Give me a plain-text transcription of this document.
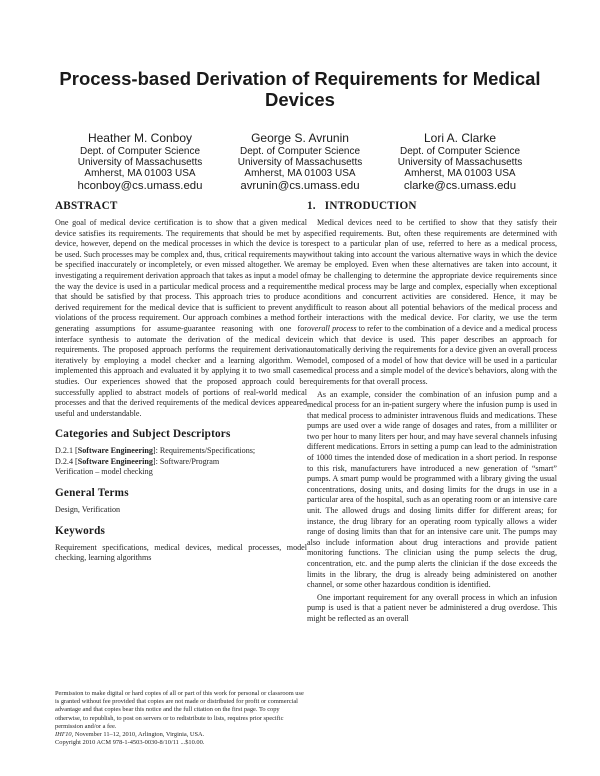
Process-based Derivation of Requirements for Medical Devices
Heather M. Conboy
Dept. of Computer Science
University of Massachusetts
Amherst, MA 01003 USA
hconboy@cs.umass.edu
George S. Avrunin
Dept. of Computer Science
University of Massachusetts
Amherst, MA 01003 USA
avrunin@cs.umass.edu
Lori A. Clarke
Dept. of Computer Science
University of Massachusetts
Amherst, MA 01003 USA
clarke@cs.umass.edu
ABSTRACT

One goal of medical device certification is to show that a given medical device satisfies its requirements. The requirements that should be met by a device, however, depend on the medical processes in which the device is to be used. Such processes may be complex and, thus, critical requirements may be specified inaccurately or incompletely, or even missed altogether. We are investigating a requirement derivation approach that takes as input a model of the way the device is used in a particular medical process and a requirement that should be satisfied by that process. This approach tries to produce a derived requirement for the medical device that is sufficient to prevent any violations of the process requirement. Our approach combines a method for generating assumptions for assume-guarantee reasoning with one for interface synthesis to automate the derivation of the medical device requirements. The proposed approach performs the requirement derivation iteratively by employing a model checker and a learning algorithm. We implemented this approach and evaluated it by applying it to two small case studies. Our experiences showed that the proposed approach could be successfully applied to abstract models of portions of real-world medical processes and that the derived requirements of the medical devices appeared useful and understandable.

Categories and Subject Descriptors
D.2.1 [Software Engineering]: Requirements/Specifications;
D.2.4 [Software Engineering]: Software/Program
Verification – model checking
General Terms

Design, Verification

Keywords

Requirement specifications, medical devices, medical processes, model checking, learning algorithms

Permission to make digital or hard copies of all or part of this work for personal or classroom use is granted without fee provided that copies are not made or distributed for profit or commercial advantage and that copies bear this notice and the full citation on the first page. To copy otherwise, to republish, to post on servers or to redistribute to lists, requires prior specific permission and/or a fee.
IHI'10, November 11–12, 2010, Arlington, Virginia, USA.
Copyright 2010 ACM 978-1-4503-0030-8/10/11 ...$10.00.
1.   INTRODUCTION

Medical devices need to be certified to show that they satisfy their specified requirements. But, often these requirements are determined with respect to a particular plan of use, referred to here as a medical process, without taking into account the various alternative ways in which the device may be employed. Even when these alternatives are taken into account, it may be challenging to determine the appropriate device requirements since the medical process may be large and complex, especially when exceptional conditions and concurrent activities are considered. Hence, it may be difficult to reason about all potential behaviors of the medical process and their interactions with the medical device. For clarity, we use the term overall process to refer to the combination of a device and a medical process in which that device is used. This paper describes an approach for automatically deriving the requirements for a device given an overall process model, composed of a model of how that device will be used in a particular medical process and a simple model of the device's behaviors, along with the requirements for that overall process.

As an example, consider the combination of an infusion pump and a medical process for an in-patient surgery where the infusion pump is used in that medical process to administer intravenous fluids and medications. These pumps are used over a wide range of dosages and rates, from a milliliter or two per hour to many liters per hour, and may have several channels infusing different medications. Errors in setting a pump can lead to the administration of 1000 times the intended dose of medication in a short period. In response to this risk, manufacturers have introduced a new generation of “smart” pumps. A smart pump would be programmed with a library giving the usual concentrations, dosing units, and dosing limits for the drugs in use in a particular area of the hospital, such as an operating room or an intensive care unit. The allowed drugs and dosing limits differ for different areas; for instance, the drug library for an operating room typically allows a wider range of dosing limits than that for an intensive care unit. The pumps may also include information about drug interactions and provide patient monitoring functions. The clinician using the pump selects the drug, concentration, etc. and the pump alerts the clinician if the dose exceeds the limits in the library, the drug is already being administered on another channel, or some other hazardous condition is identified.

One important requirement for any overall process in which an infusion pump is used is that a patient never be administered a drug overdose. This might be reflected as an overall
